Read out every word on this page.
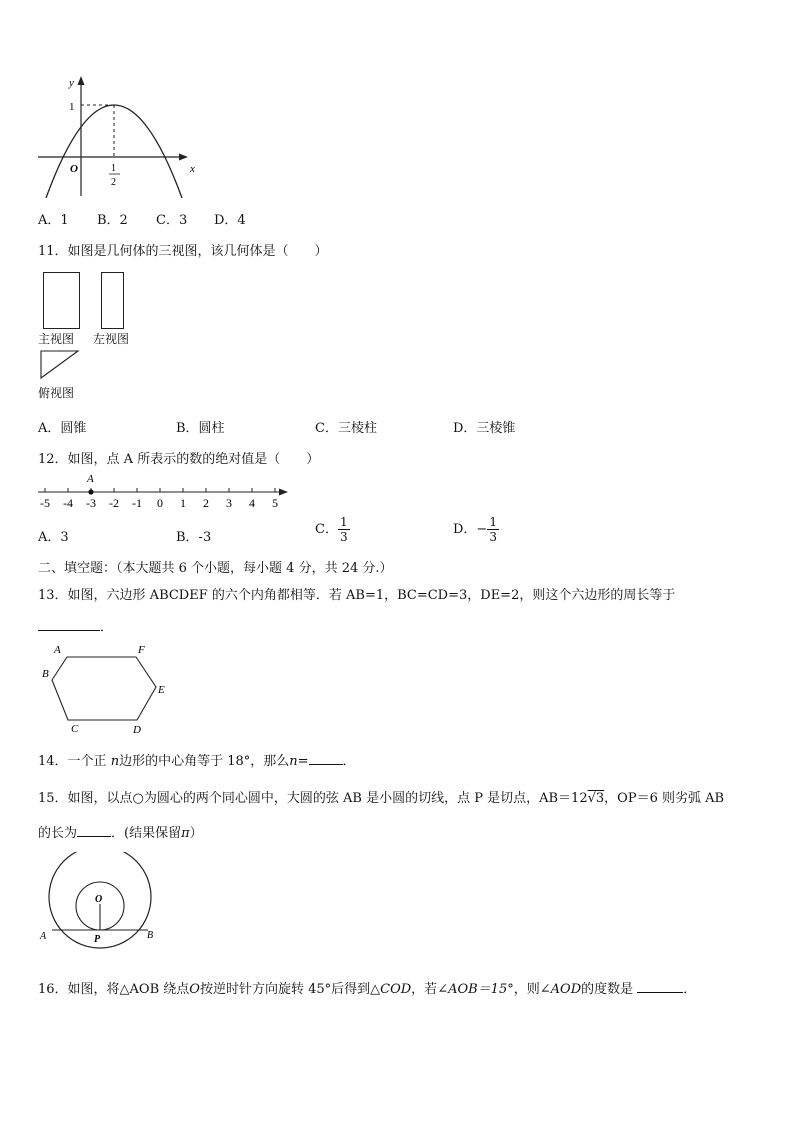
y
x
O
1
1
2
A．1 B．2 C．3 D．4
11．如图是几何体的三视图，该几何体是（　　）
主视图 左视图
俯视图
A．圆锥	B．圆柱	C．三棱柱	D．三棱锥
12．如图，点 A 所表示的数的绝对值是（　　）
-5 -4 -3 -2 -1 0 1 2 3 4 5
A
A．3	B．-3
C． $\frac{1}{3}$	D．− $\frac{1}{3}$
二、填空题：（本大题共 6 个小题，每小题 4 分，共 24 分.）
13．如图，六边形 ABCDEF 的六个内角都相等．若 AB=1，BC=CD=3，DE=2，则这个六边形的周长等于
．
A	F
B
E
C	D
14．一个正 n边形的中心角等于 18°，那么n=	．
15．如图，以点○为圆心的两个同心圆中，大圆的弦 AB 是小圆的切线，点 P 是切点，AB＝12√3，OP＝6 则劣弧 AB
的长为	．(结果保留π）
O
A	P	B
16．如图，将△AOB 绕点O按逆时针方向旋转 45°后得到△COD，若∠AOB＝15°，则∠AOD的度数是	．
